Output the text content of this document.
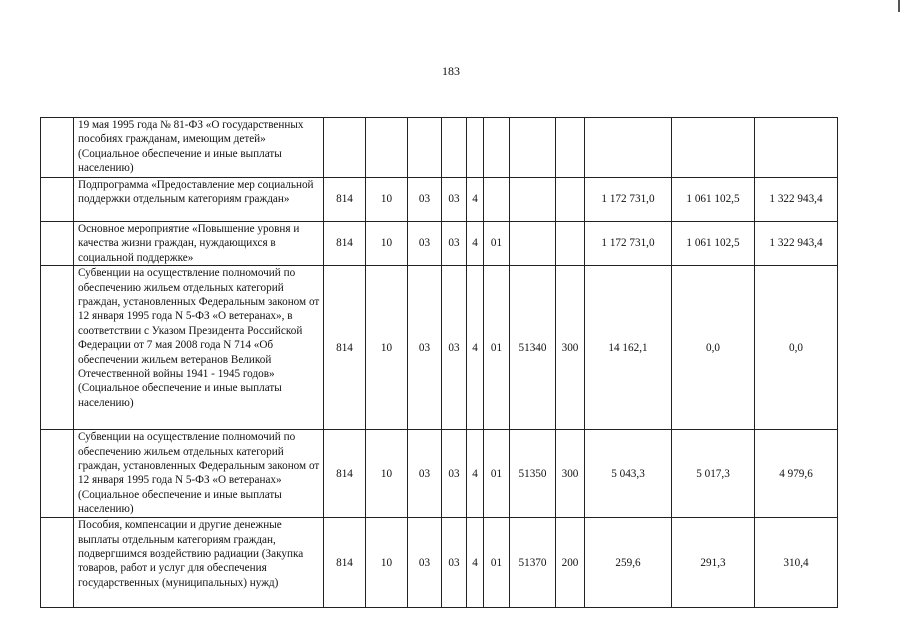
183
	19 мая 1995 года № 81-ФЗ «О государственных пособиях гражданам, имеющим детей» (Социальное обеспечение и иные выплаты населению)											
	Подпрограмма «Предоставление мер социальной поддержки отдельным категориям граждан»	814	10	03	03	4				1 172 731,0	1 061 102,5	1 322 943,4
	Основное мероприятие «Повышение уровня и качества жизни граждан, нуждающихся в социальной поддержке»	814	10	03	03	4	01			1 172 731,0	1 061 102,5	1 322 943,4
	Субвенции на осуществление полномочий по обеспечению жильем отдельных категорий граждан, установленных Федеральным законом от 12 января 1995 года N 5-ФЗ «О ветеранах», в соответствии с Указом Президента Российской Федерации от 7 мая 2008 года N 714 «Об обеспечении жильем ветеранов Великой Отечественной войны 1941 - 1945 годов» (Социальное обеспечение и иные выплаты населению)	814	10	03	03	4	01	51340	300	14 162,1	0,0	0,0
	Субвенции на осуществление полномочий по обеспечению жильем отдельных категорий граждан, установленных Федеральным законом от 12 января 1995 года N 5-ФЗ «О ветеранах» (Социальное обеспечение и иные выплаты населению)	814	10	03	03	4	01	51350	300	5 043,3	5 017,3	4 979,6
	Пособия, компенсации и другие денежные выплаты отдельным категориям граждан, подвергшимся воздействию радиации (Закупка товаров, работ и услуг для обеспечения государственных (муниципальных) нужд)	814	10	03	03	4	01	51370	200	259,6	291,3	310,4
